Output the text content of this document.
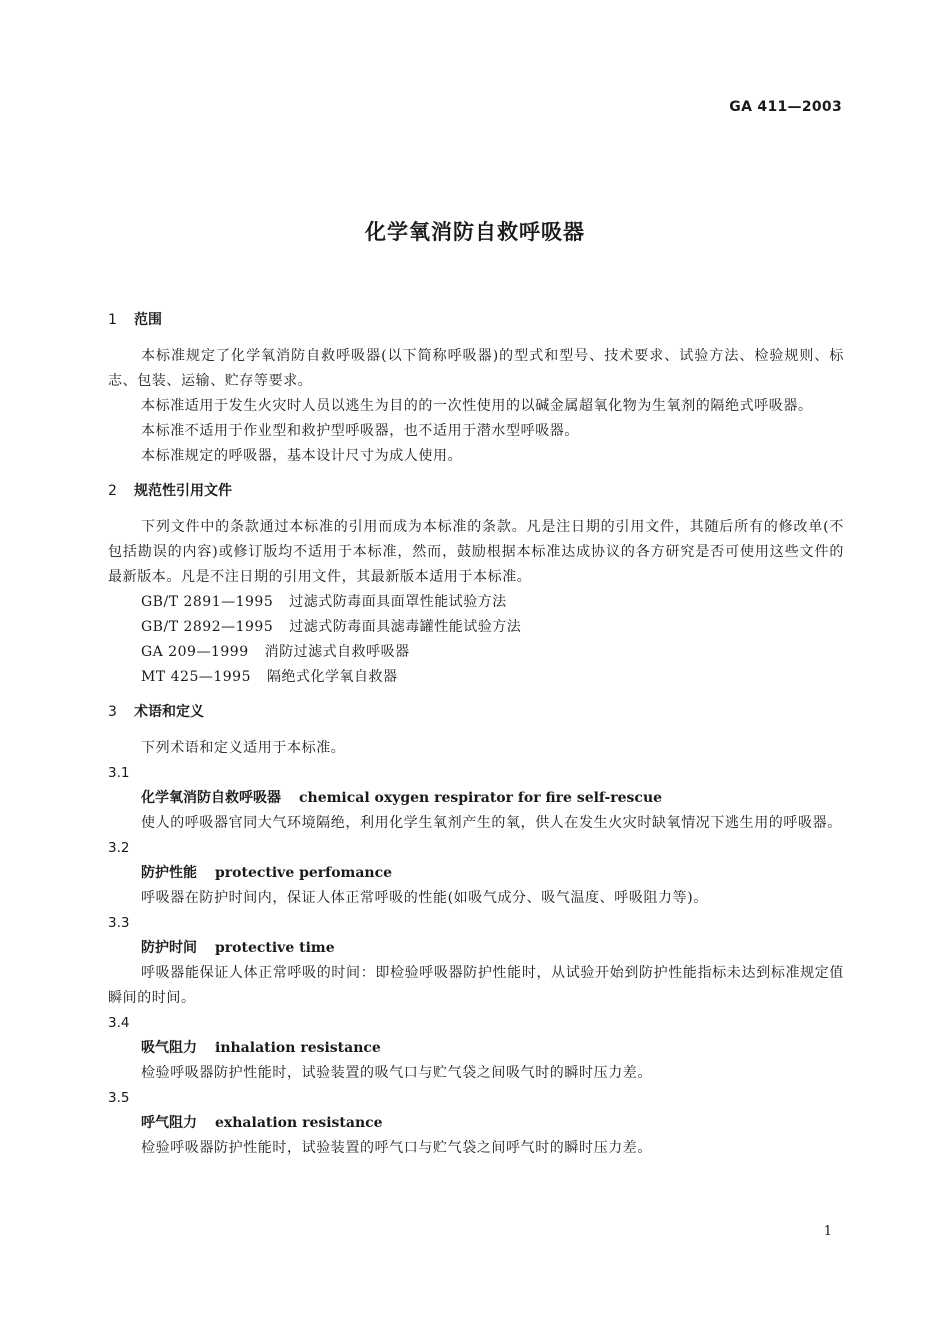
GA 411—2003
化学氧消防自救呼吸器
1 范围

本标准规定了化学氧消防自救呼吸器(以下简称呼吸器)的型式和型号、技术要求、试验方法、检验规则、标志、包装、运输、贮存等要求。

本标准适用于发生火灾时人员以逃生为目的的一次性使用的以碱金属超氧化物为生氧剂的隔绝式呼吸器。

本标准不适用于作业型和救护型呼吸器，也不适用于潜水型呼吸器。

本标准规定的呼吸器，基本设计尺寸为成人使用。

2 规范性引用文件

下列文件中的条款通过本标准的引用而成为本标准的条款。凡是注日期的引用文件，其随后所有的修改单(不包括勘误的内容)或修订版均不适用于本标准，然而，鼓励根据本标准达成协议的各方研究是否可使用这些文件的最新版本。凡是不注日期的引用文件，其最新版本适用于本标准。

GB/T 2891—1995 过滤式防毒面具面罩性能试验方法
GB/T 2892—1995 过滤式防毒面具滤毒罐性能试验方法
GA 209—1999 消防过滤式自救呼吸器
MT 425—1995 隔绝式化学氧自救器
3 术语和定义

下列术语和定义适用于本标准。

3.1
化学氧消防自救呼吸器 chemical oxygen respirator for fire self-rescue

使人的呼吸器官同大气环境隔绝，利用化学生氧剂产生的氧，供人在发生火灾时缺氧情况下逃生用的呼吸器。

3.2
防护性能 protective perfomance

呼吸器在防护时间内，保证人体正常呼吸的性能(如吸气成分、吸气温度、呼吸阻力等)。

3.3
防护时间 protective time

呼吸器能保证人体正常呼吸的时间：即检验呼吸器防护性能时，从试验开始到防护性能指标未达到标准规定值瞬间的时间。

3.4
吸气阻力 inhalation resistance

检验呼吸器防护性能时，试验装置的吸气口与贮气袋之间吸气时的瞬时压力差。

3.5
呼气阻力 exhalation resistance

检验呼吸器防护性能时，试验装置的呼气口与贮气袋之间呼气时的瞬时压力差。

1
